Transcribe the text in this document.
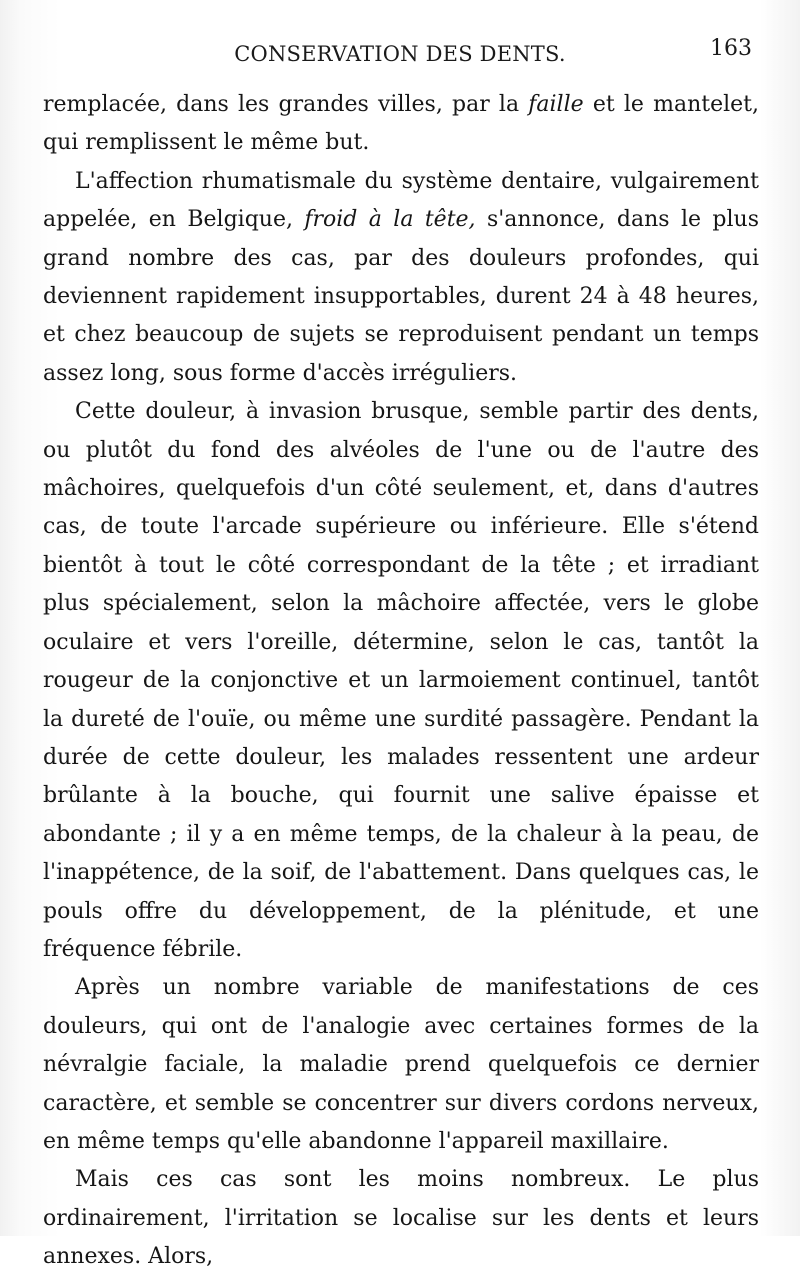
CONSERVATION DES DENTS.	163

remplacée, dans les grandes villes, par la faille et le mantelet, qui remplissent le même but.

L'affection rhumatismale du système dentaire, vulgairement appelée, en Belgique, froid à la tête, s'annonce, dans le plus grand nombre des cas, par des douleurs profondes, qui deviennent rapidement insupportables, durent 24 à 48 heures, et chez beaucoup de sujets se reproduisent pendant un temps assez long, sous forme d'accès irréguliers.

Cette douleur, à invasion brusque, semble partir des dents, ou plutôt du fond des alvéoles de l'une ou de l'autre des mâchoires, quelquefois d'un côté seulement, et, dans d'autres cas, de toute l'arcade supérieure ou inférieure. Elle s'étend bientôt à tout le côté correspondant de la tête ; et irradiant plus spécialement, selon la mâchoire affectée, vers le globe oculaire et vers l'oreille, détermine, selon le cas, tantôt la rougeur de la conjonctive et un larmoiement continuel, tantôt la dureté de l'ouïe, ou même une surdité passagère. Pendant la durée de cette douleur, les malades ressentent une ardeur brûlante à la bouche, qui fournit une salive épaisse et abondante ; il y a en même temps, de la chaleur à la peau, de l'inappétence, de la soif, de l'abattement. Dans quelques cas, le pouls offre du développement, de la plénitude, et une fréquence fébrile.

Après un nombre variable de manifestations de ces douleurs, qui ont de l'analogie avec certaines formes de la névralgie faciale, la maladie prend quelquefois ce dernier caractère, et semble se concentrer sur divers cordons nerveux, en même temps qu'elle abandonne l'appareil maxillaire.

Mais ces cas sont les moins nombreux. Le plus ordinairement, l'irritation se localise sur les dents et leurs annexes. Alors,
